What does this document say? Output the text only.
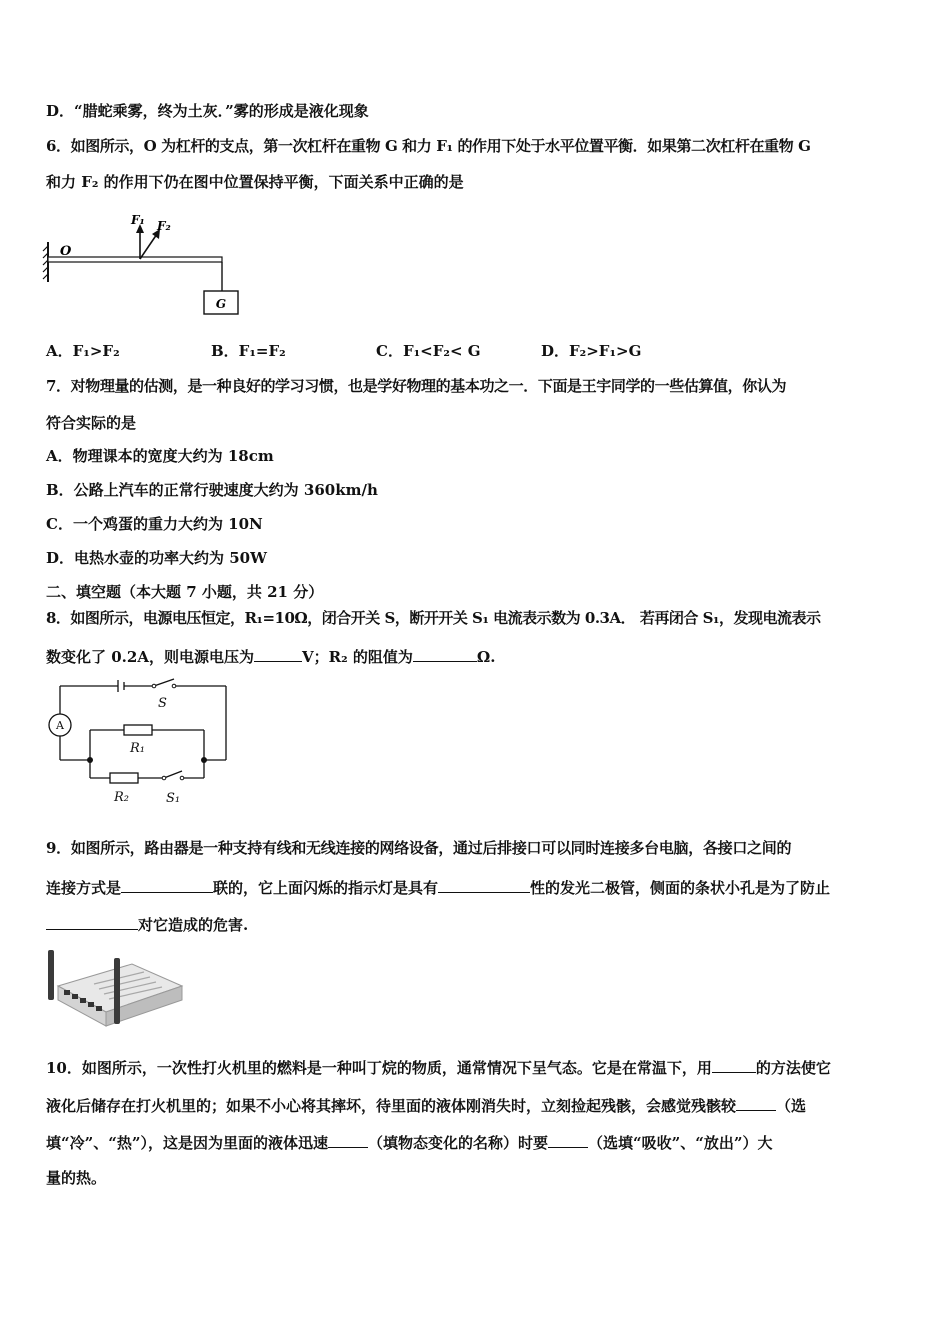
D．“腊蛇乘雾，终为土灰．”雾的形成是液化现象
6．如图所示，O 为杠杆的支点，第一次杠杆在重物 G 和力 F₁ 的作用下处于水平位置平衡．如果第二次杠杆在重物 G
和力 F₂ 的作用下仍在图中位置保持平衡，下面关系中正确的是
G
O
F₁ F₂
A．F₁>F₂	B．F₁=F₂	C．F₁<F₂< G	D．F₂>F₁>G
7．对物理量的估测，是一种良好的学习习惯，也是学好物理的基本功之一．下面是王宇同学的一些估算值，你认为
符合实际的是
A．物理课本的宽度大约为 18cm
B．公路上汽车的正常行驶速度大约为 360km/h
C．一个鸡蛋的重力大约为 10N
D．电热水壶的功率大约为 50W
二、填空题（本大题 7 小题，共 21 分）
8．如图所示，电源电压恒定，R₁=10Ω，闭合开关 S，断开开关 S₁ 电流表示数为 0.3A． 若再闭合 S₁，发现电流表示
数变化了 0.2A，则电源电压为	V；R₂ 的阻值为	Ω.
A
S
R₁
R₂	S₁
9．如图所示，路由器是一种支持有线和无线连接的网络设备，通过后排接口可以同时连接多台电脑，各接口之间的
连接方式是	联的，它上面闪烁的指示灯是具有	性的发光二极管，侧面的条状小孔是为了防止
对它造成的危害.
10．如图所示，一次性打火机里的燃料是一种叫丁烷的物质，通常情况下呈气态。它是在常温下，用	的方法使它
液化后储存在打火机里的；如果不小心将其摔坏，待里面的液体刚消失时，立刻捡起残骸，会感觉残骸较	（选
填“冷”、“热”），这是因为里面的液体迅速	（填物态变化的名称）时要	（选填“吸收”、“放出”）大
量的热。
